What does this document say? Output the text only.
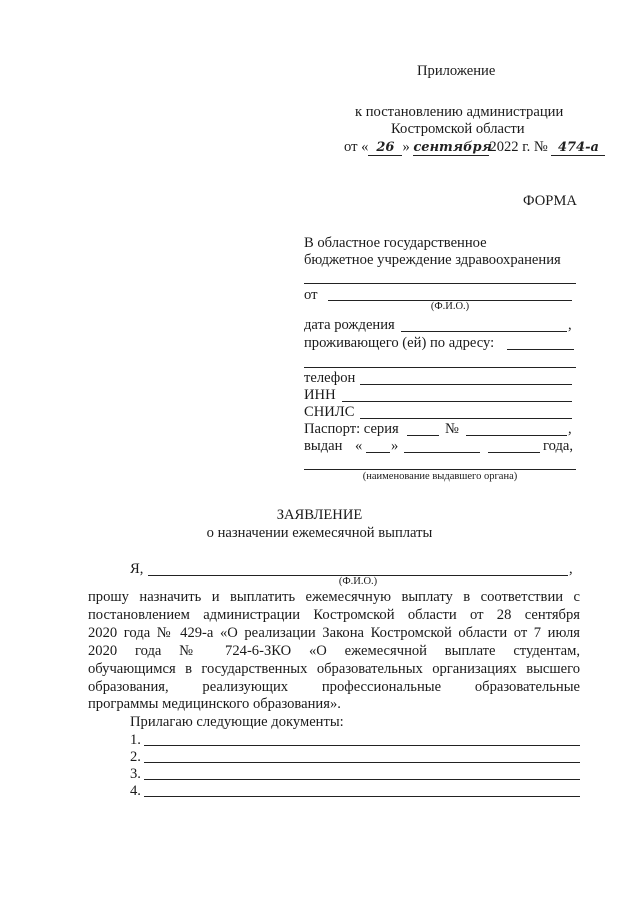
Приложение
к постановлению администрации
Костромской области
от « 26 » сентября2022 г. № 474-а
ФОРМА
В областное государственное
бюджетное учреждение здравоохранения
от
(Ф.И.О.)
дата рождения	,
проживающего (ей) по адресу:
телефон
ИНН
СНИЛС
Паспорт: серия	№	,
выдан « »	года,
(наименование выдавшего органа)
ЗАЯВЛЕНИЕ
о назначении ежемесячной выплаты
Я,	,
(Ф.И.О.)
прошу назначить и выплатить ежемесячную выплату в соответствии с
постановлением администрации Костромской области от 28 сентября
2020 года № 429-а «О реализации Закона Костромской области от 7 июля
2020 года № 724-6-ЗКО «О ежемесячной выплате студентам,
обучающимся в государственных образовательных организациях высшего
образования, реализующих профессиональные образовательные
программы медицинского образования».
Прилагаю следующие документы:
1.
2.
3.
4.
